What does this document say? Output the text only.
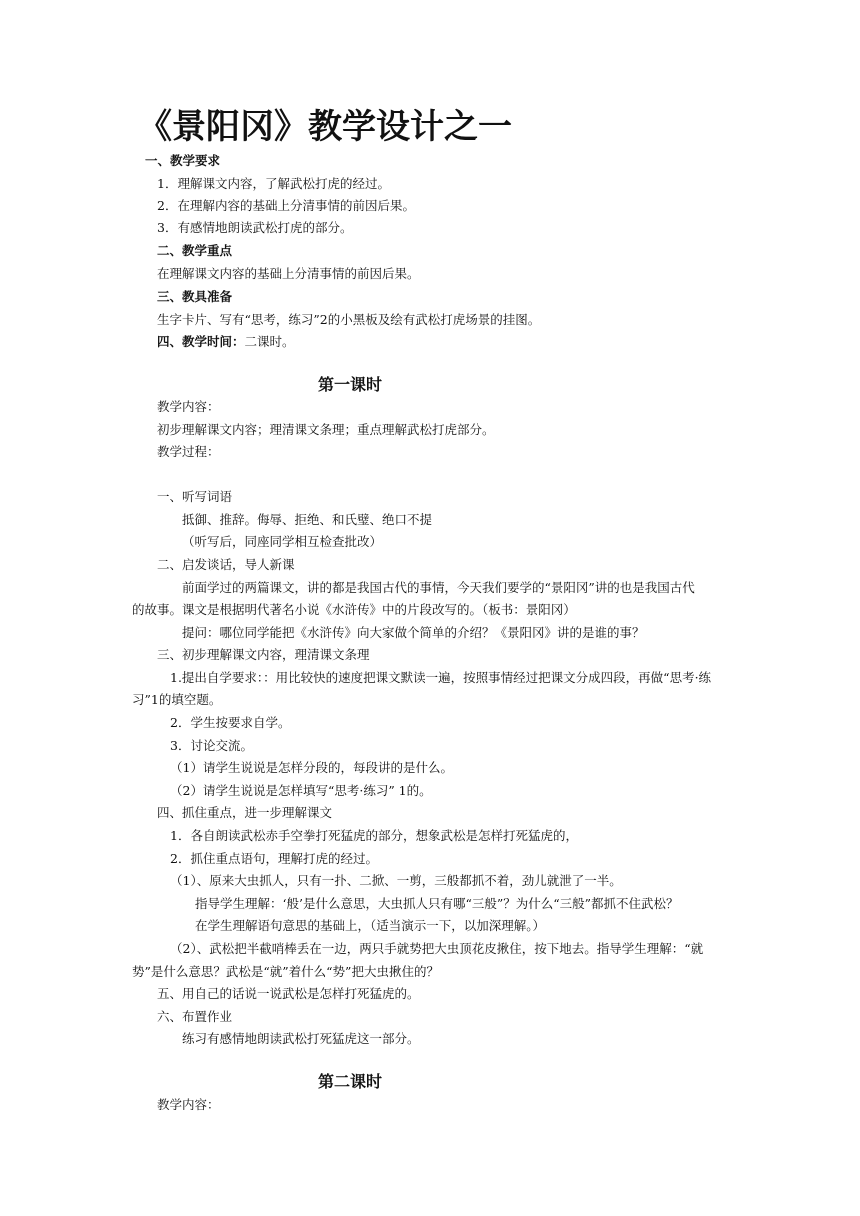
《景阳冈》教学设计之一
一、教学要求
1．理解课文内容，了解武松打虎的经过。
2．在理解内容的基础上分清事情的前因后果。
3．有感情地朗读武松打虎的部分。
二、教学重点
在理解课文内容的基础上分清事情的前因后果。
三、教具准备
生字卡片、写有“思考，练习”2的小黑板及绘有武松打虎场景的挂图。
四、教学时间：二课时。
第一课时
教学内容：
初步理解课文内容；理清课文条理；重点理解武松打虎部分。
教学过程：
一、听写词语
抵御、推辞。侮辱、拒绝、和氏璧、绝口不提
（听写后，同座同学相互检查批改）
二、启发谈话，导人新课
前面学过的两篇课文，讲的都是我国古代的事情，今天我们要学的“景阳冈”讲的也是我国古代
的故事。课文是根据明代著名小说《水浒传》中的片段改写的。（板书：景阳冈）
提问：哪位同学能把《水浒传》向大家做个简单的介绍？《景阳冈》讲的是谁的事？
三、初步理解课文内容，理清课文条理
1.提出自学要求：：用比较快的速度把课文默读一遍，按照事情经过把课文分成四段，再做“思考·练
习”1的填空题。
2．学生按要求自学。
3．讨论交流。
（1）请学生说说是怎样分段的，每段讲的是什么。
（2）请学生说说是怎样填写“思考·练习” 1的。
四、抓住重点，进一步理解课文
1．各自朗读武松赤手空拳打死猛虎的部分，想象武松是怎样打死猛虎的，
2．抓住重点语句，理解打虎的经过。
（1）、原来大虫抓人，只有一扑、二掀、一剪，三般都抓不着，劲儿就泄了一半。
指导学生理解：‘般’是什么意思，大虫抓人只有哪“三般”？为什么“三般”都抓不住武松？
在学生理解语句意思的基础上，（适当演示一下，以加深理解。）
（2）、武松把半截哨棒丢在一边，两只手就势把大虫顶花皮揪住，按下地去。指导学生理解：“就
势”是什么意思？武松是“就”着什么“势”把大虫揪住的？
五、用自己的话说一说武松是怎样打死猛虎的。
六、布置作业
练习有感情地朗读武松打死猛虎这一部分。
第二课时
教学内容：
